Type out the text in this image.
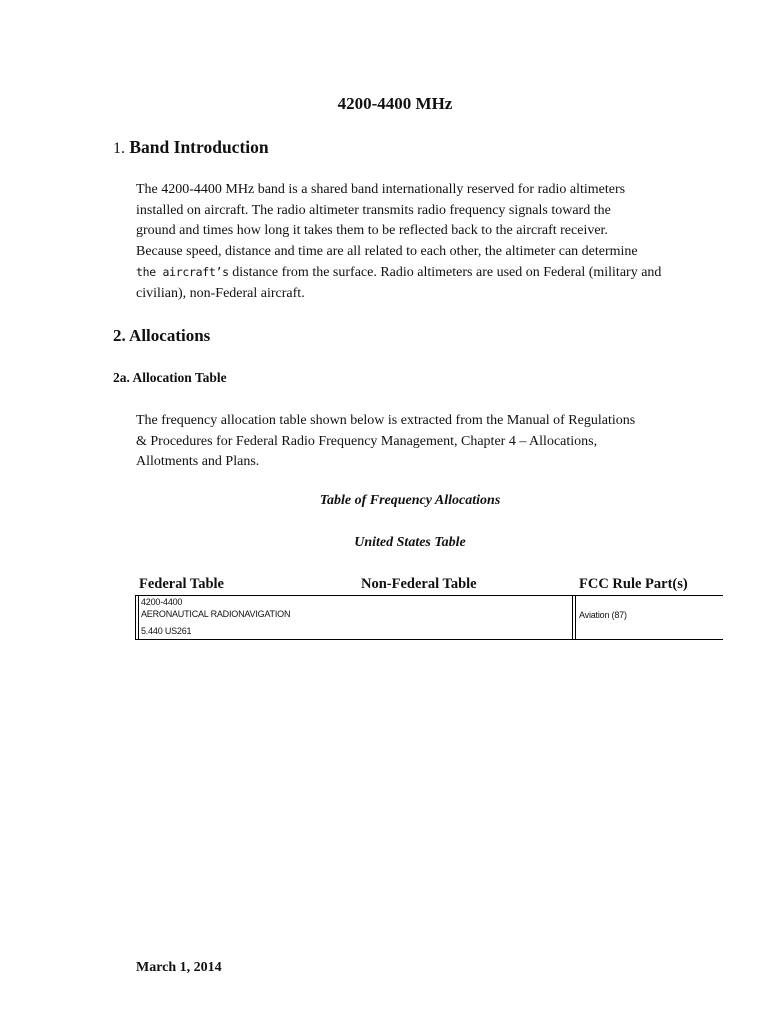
4200-4400 MHz
1. Band Introduction
The 4200-4400 MHz band is a shared band internationally reserved for radio altimeters
installed on aircraft. The radio altimeter transmits radio frequency signals toward the
ground and times how long it takes them to be reflected back to the aircraft receiver.
Because speed, distance and time are all related to each other, the altimeter can determine
the aircraft’s distance from the surface. Radio altimeters are used on Federal (military and
civilian), non-Federal aircraft.
2. Allocations
2a. Allocation Table
The frequency allocation table shown below is extracted from the Manual of Regulations
& Procedures for Federal Radio Frequency Management, Chapter 4 – Allocations,
Allotments and Plans.
Table of Frequency Allocations
United States Table
Federal Table	Non-Federal Table	FCC Rule Part(s)
4200-4400
AERONAUTICAL RADIONAVIGATION
5.440 US261
Aviation (87)
March 1, 2014
